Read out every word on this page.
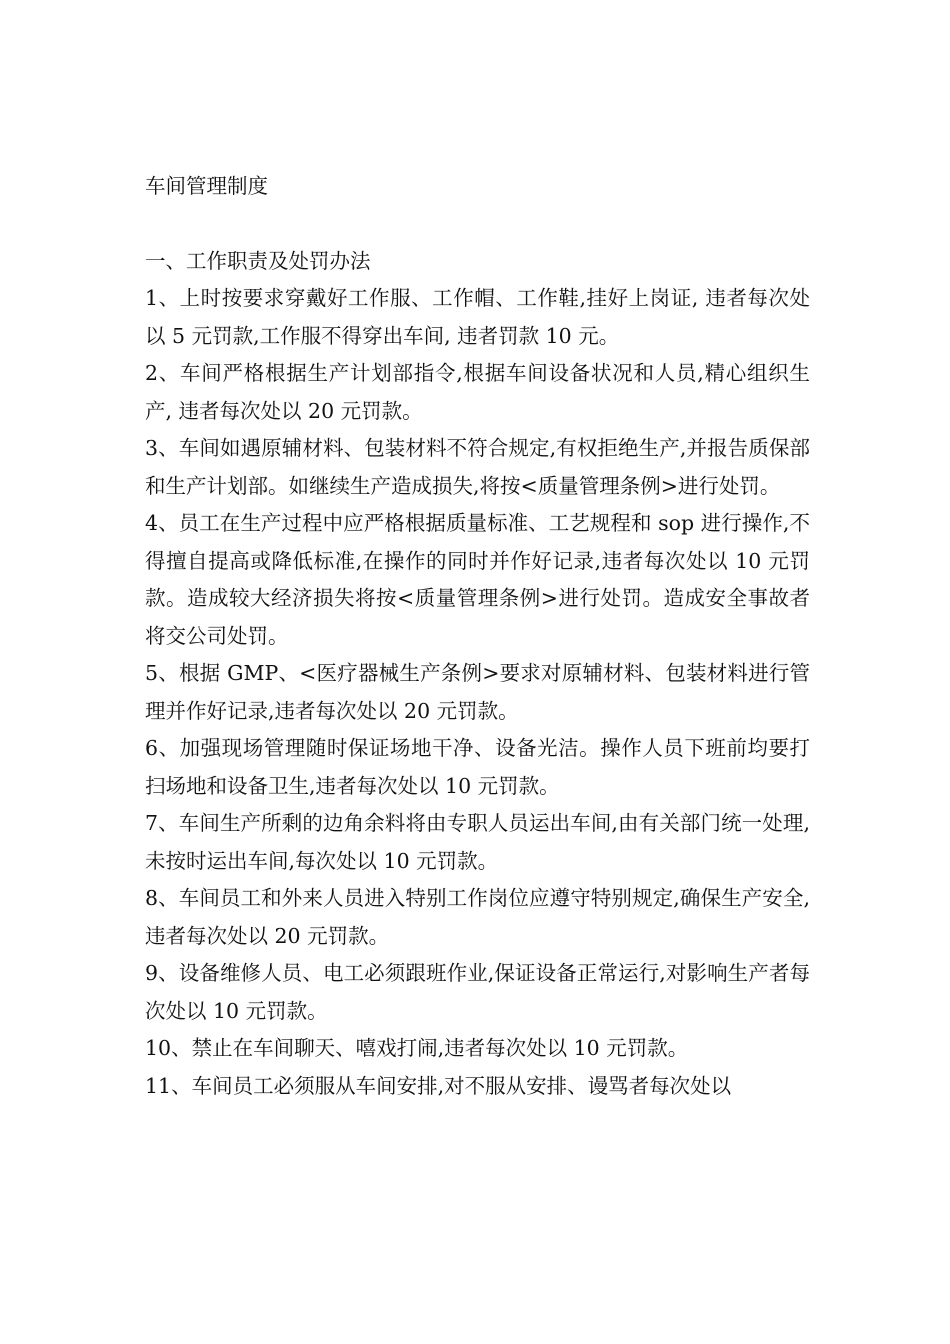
车间管理制度
一、工作职责及处罚办法

1、上时按要求穿戴好工作服、工作帽、工作鞋,挂好上岗证, 违者每次处以 5 元罚款,工作服不得穿出车间, 违者罚款 10 元。

2、车间严格根据生产计划部指令,根据车间设备状况和人员,精心组织生产, 违者每次处以 20 元罚款。

3、车间如遇原辅材料、包装材料不符合规定,有权拒绝生产,并报告质保部和生产计划部。如继续生产造成损失,将按<质量管理条例>进行处罚。

4、员工在生产过程中应严格根据质量标准、工艺规程和 sop 进行操作,不得擅自提高或降低标准,在操作的同时并作好记录,违者每次处以 10 元罚款。造成较大经济损失将按<质量管理条例>进行处罚。造成安全事故者将交公司处罚。

5、根据 GMP、<医疗器械生产条例>要求对原辅材料、包装材料进行管理并作好记录,违者每次处以 20 元罚款。

6、加强现场管理随时保证场地干净、设备光洁。操作人员下班前均要打扫场地和设备卫生,违者每次处以 10 元罚款。

7、车间生产所剩的边角余料将由专职人员运出车间,由有关部门统一处理,未按时运出车间,每次处以 10 元罚款。

8、车间员工和外来人员进入特别工作岗位应遵守特别规定,确保生产安全,违者每次处以 20 元罚款。

9、设备维修人员、电工必须跟班作业,保证设备正常运行,对影响生产者每次处以 10 元罚款。

10、禁止在车间聊天、嘻戏打闹,违者每次处以 10 元罚款。

11、车间员工必须服从车间安排,对不服从安排、谩骂者每次处以
